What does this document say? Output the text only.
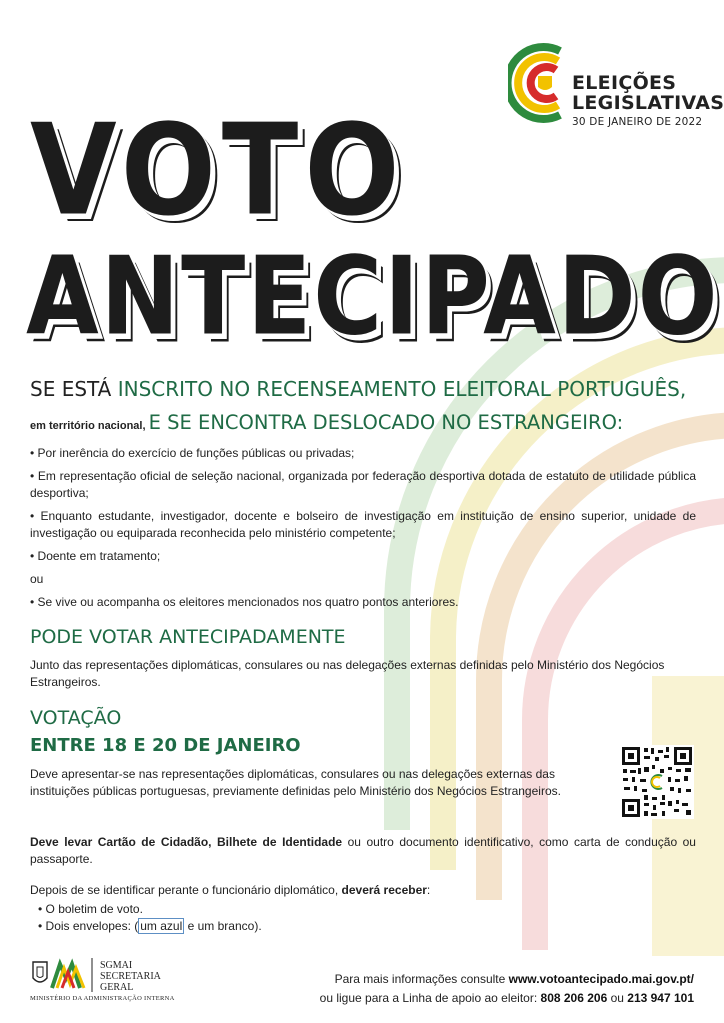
ELEIÇÕES
LEGISLATIVAS
30 DE JANEIRO DE 2022
VOTO
ANTECIPADO
SE ESTÁ INSCRITO NO RECENSEAMENTO ELEITORAL PORTUGUÊS,
em território nacional, E SE ENCONTRA DESLOCADO NO ESTRANGEIRO:

• Por inerência do exercício de funções públicas ou privadas;

• Em representação oficial de seleção nacional, organizada por federação desportiva dotada de estatuto de utilidade pública desportiva;

• Enquanto estudante, investigador, docente e bolseiro de investigação em instituição de ensino superior, unidade de investigação ou equiparada reconhecida pelo ministério competente;

• Doente em tratamento;

ou

• Se vive ou acompanha os eleitores mencionados nos quatro pontos anteriores.

PODE VOTAR ANTECIPADAMENTE
Junto das representações diplomáticas, consulares ou nas delegações externas definidas pelo Ministério dos Negócios Estrangeiros.
VOTAÇÃO
ENTRE 18 E 20 DE JANEIRO
Deve apresentar-se nas representações diplomáticas, consulares ou nas delegações externas das instituições públicas portuguesas, previamente definidas pelo Ministério dos Negócios Estrangeiros.
Deve levar Cartão de Cidadão, Bilhete de Identidade ou outro documento identificativo, como carta de condução ou passaporte.
Depois de se identificar perante o funcionário diplomático, deverá receber:
• O boletim de voto.
• Dois envelopes: ( um azul e um branco).
SGMAI
SECRETARIA
GERAL
MINISTÉRIO DA ADMINISTRAÇÃO INTERNA
Para mais informações consulte www.votoantecipado.mai.gov.pt/
ou ligue para a Linha de apoio ao eleitor: 808 206 206 ou 213 947 101
